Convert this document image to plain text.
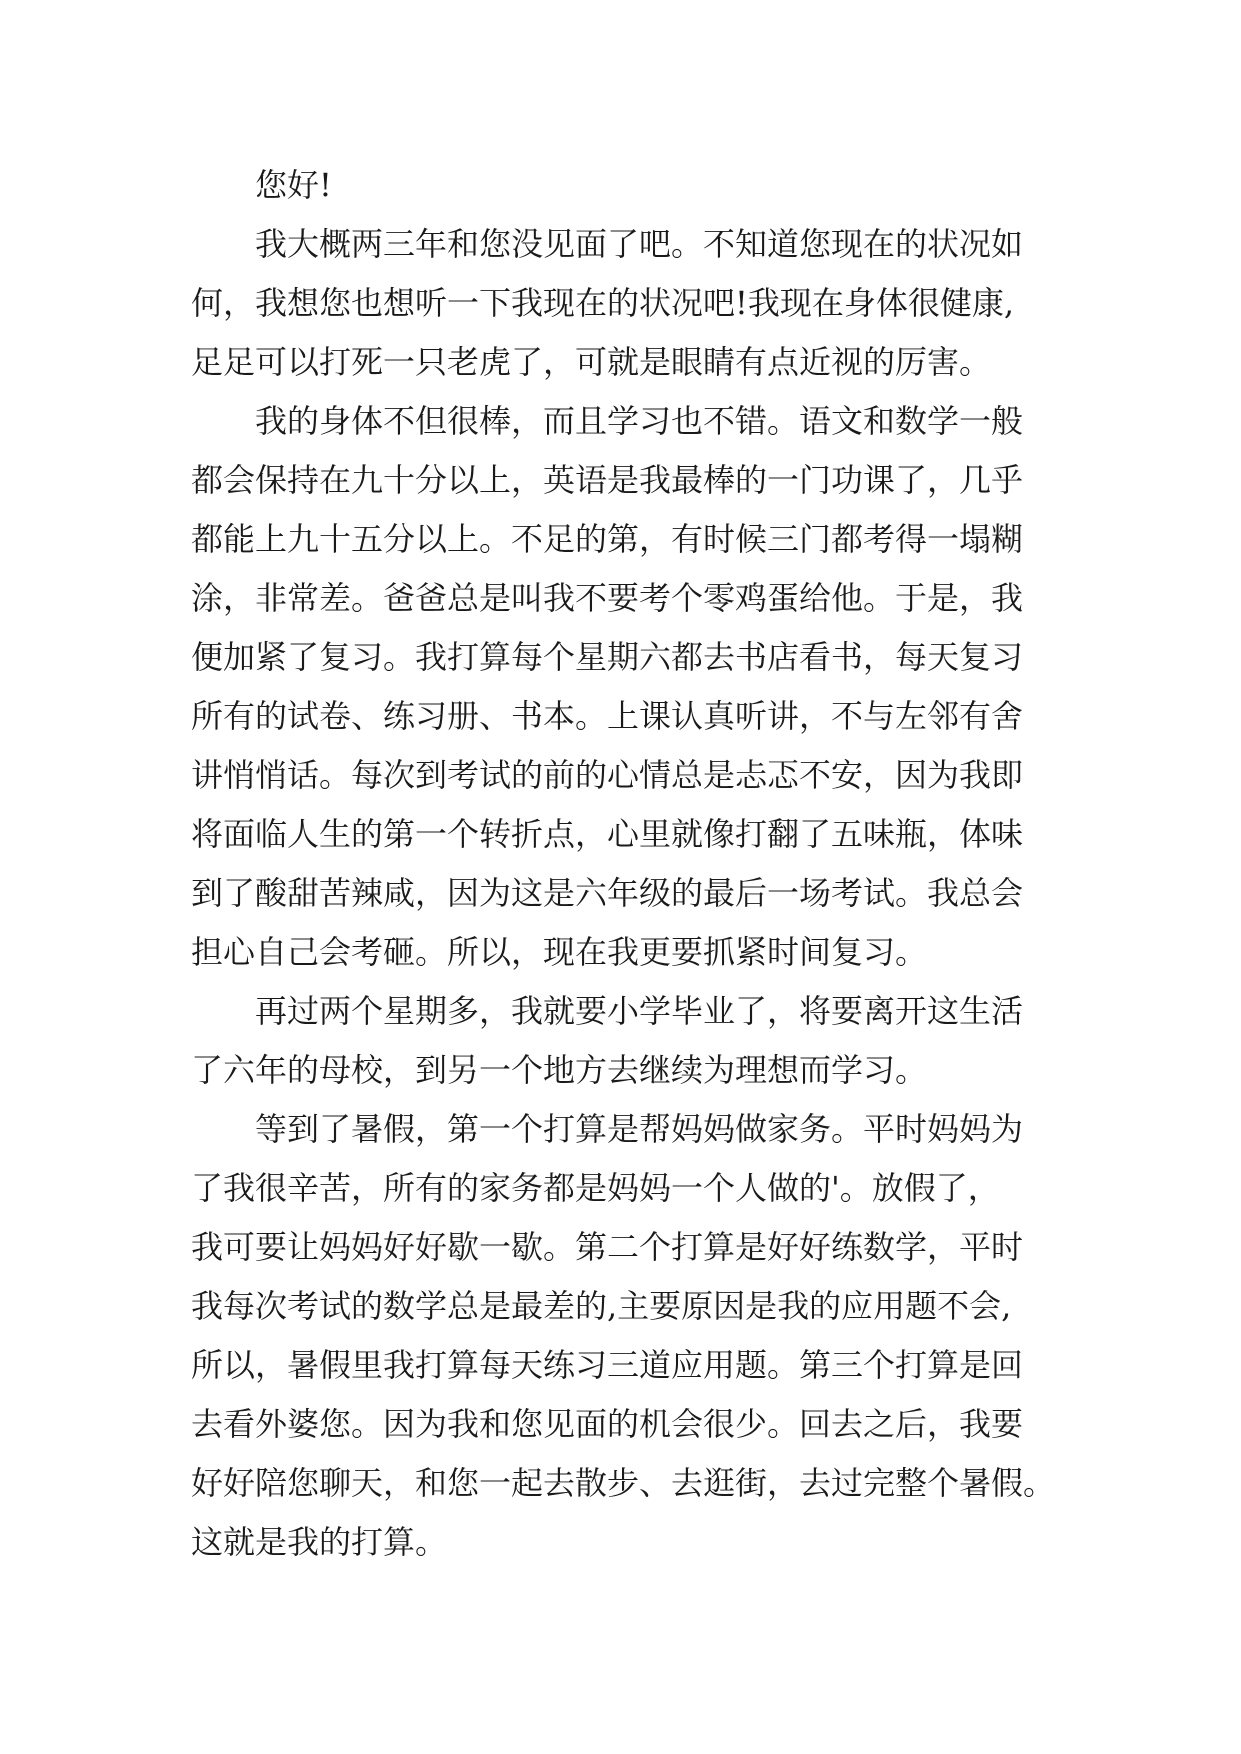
您好!

我大概两三年和您没见面了吧。不知道您现在的状况如

何，我想您也想听一下我现在的状况吧!我现在身体很健康,

足足可以打死一只老虎了，可就是眼睛有点近视的厉害。

我的身体不但很棒，而且学习也不错。语文和数学一般

都会保持在九十分以上，英语是我最棒的一门功课了，几乎

都能上九十五分以上。不足的第，有时候三门都考得一塌糊

涂，非常差。爸爸总是叫我不要考个零鸡蛋给他。于是，我

便加紧了复习。我打算每个星期六都去书店看书，每天复习

所有的试卷、练习册、书本。上课认真听讲，不与左邻有舍

讲悄悄话。每次到考试的前的心情总是忐忑不安，因为我即

将面临人生的第一个转折点，心里就像打翻了五味瓶，体味

到了酸甜苦辣咸，因为这是六年级的最后一场考试。我总会

担心自己会考砸。所以，现在我更要抓紧时间复习。

再过两个星期多，我就要小学毕业了，将要离开这生活

了六年的母校，到另一个地方去继续为理想而学习。

等到了暑假，第一个打算是帮妈妈做家务。平时妈妈为

了我很辛苦，所有的家务都是妈妈一个人做的'。放假了，

我可要让妈妈好好歇一歇。第二个打算是好好练数学，平时

我每次考试的数学总是最差的,主要原因是我的应用题不会,

所以，暑假里我打算每天练习三道应用题。第三个打算是回

去看外婆您。因为我和您见面的机会很少。回去之后，我要

好好陪您聊天，和您一起去散步、去逛街，去过完整个暑假。

这就是我的打算。
